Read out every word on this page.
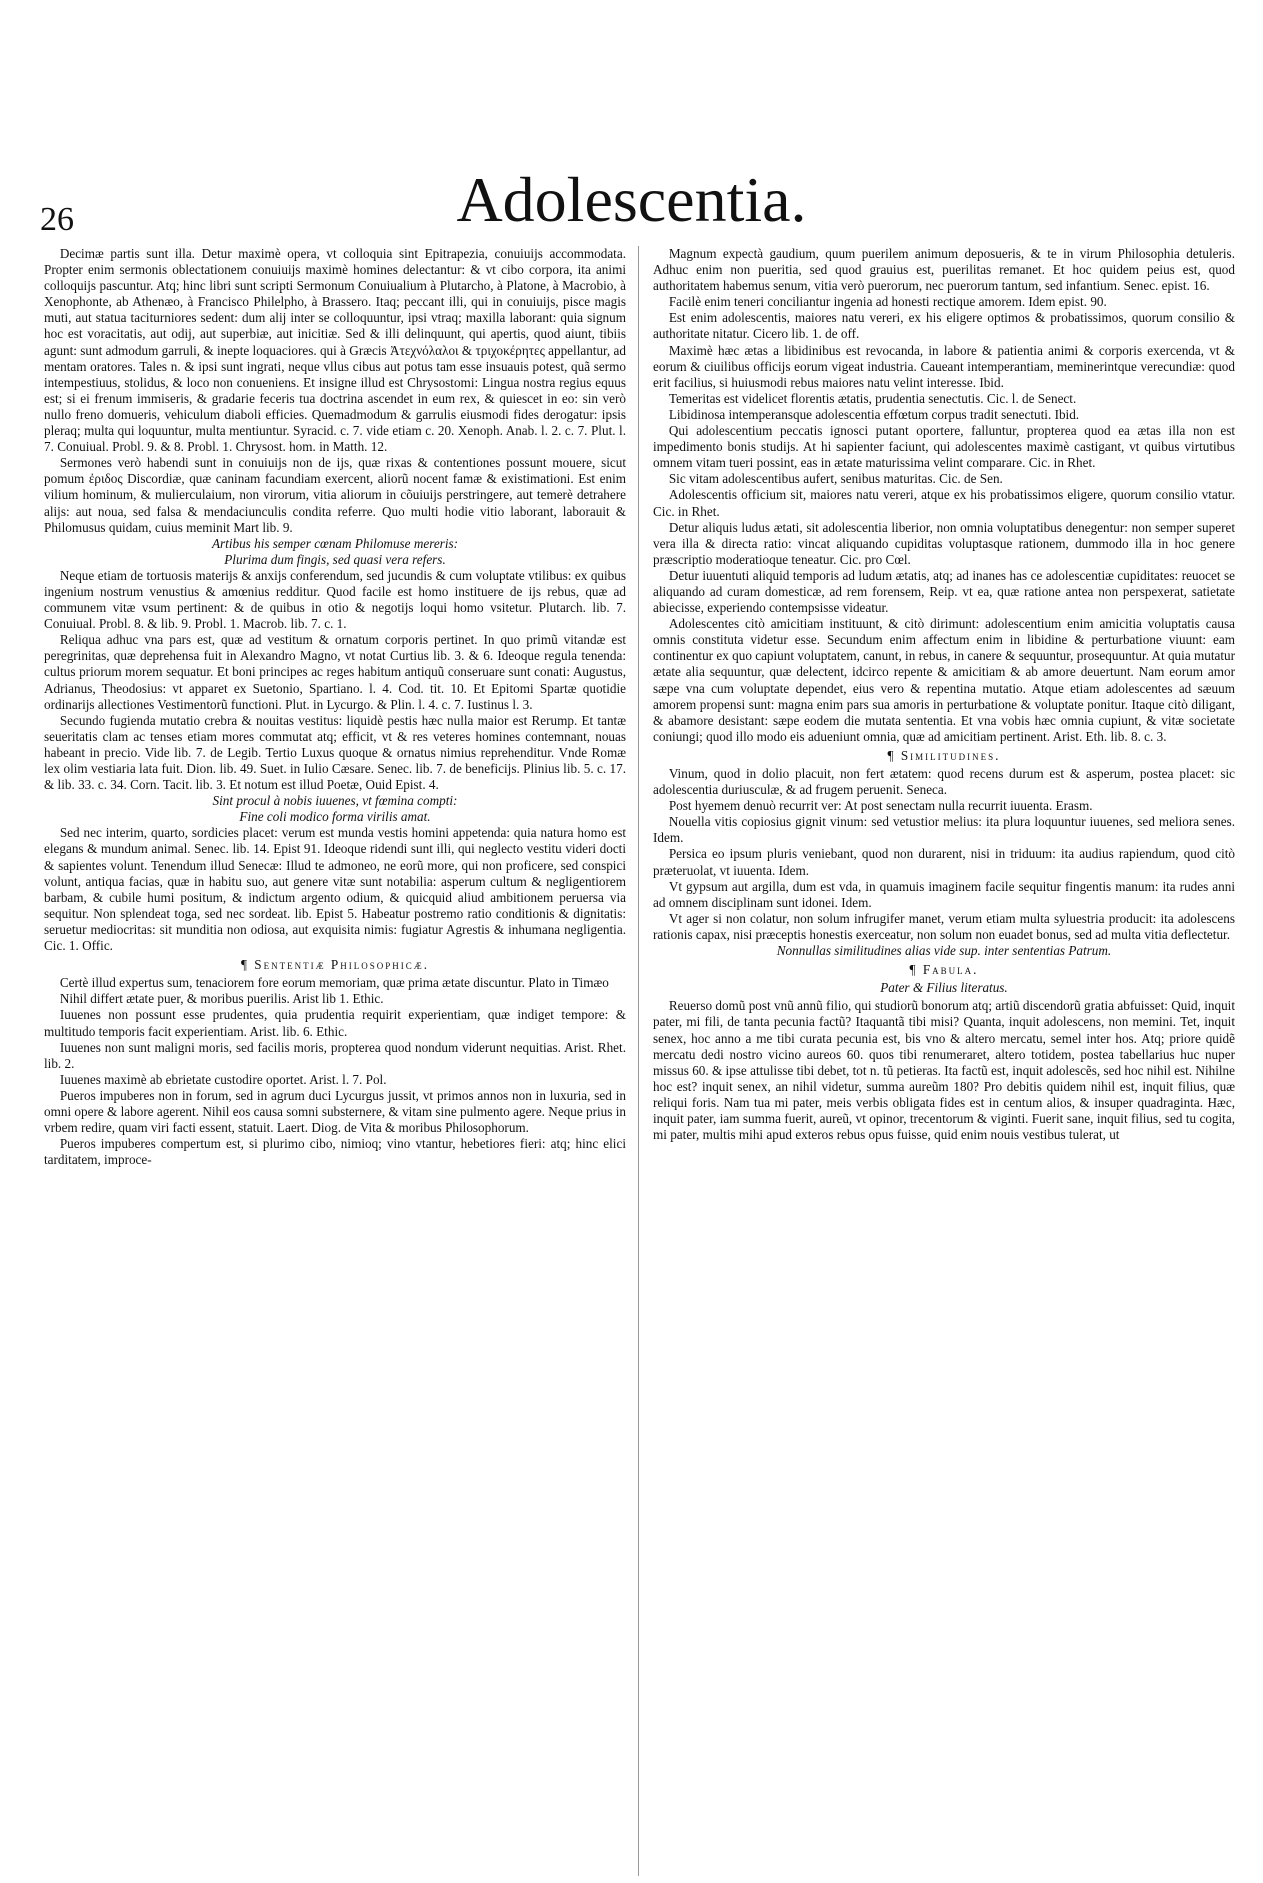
26	Adolescentia.

Decimæ partis sunt illa. Detur maximè opera, vt colloquia sint Epitrapezia, conuiuijs accommodata. Propter enim sermonis oblectationem conuiuijs maximè homines delectantur: & vt cibo corpora, ita animi colloquijs pascuntur. Atq; hinc libri sunt scripti Sermonum Conuiualium à Plutarcho, à Platone, à Macrobio, à Xenophonte, ab Athenæo, à Francisco Philelpho, à Brassero. Itaq; peccant illi, qui in conuiuijs, pisce magis muti, aut statua taciturniores sedent: dum alij inter se colloquuntur, ipsi vtraq; maxilla laborant: quia signum hoc est voracitatis, aut odij, aut superbiæ, aut inicitiæ. Sed & illi delinquunt, qui apertis, quod aiunt, tibiis agunt: sunt admodum garruli, & inepte loquaciores. qui à Græcis Ἀτεχνόλαλοι & τριχοκέρητες appellantur, ad mentam oratores. Tales n. & ipsi sunt ingrati, neque vllus cibus aut potus tam esse insuauis potest, quã sermo intempestiuus, stolidus, & loco non conueniens. Et insigne illud est Chrysostomi: Lingua nostra regius equus est; si ei frenum immiseris, & gradarie feceris tua doctrina ascendet in eum rex, & quiescet in eo: sin verò nullo freno domueris, vehiculum diaboli efficies. Quemadmodum & garrulis eiusmodi fides derogatur: ipsis pleraq; multa qui loquuntur, multa mentiuntur. Syracid. c. 7. vide etiam c. 20. Xenoph. Anab. l. 2. c. 7. Plut. l. 7. Conuiual. Probl. 9. & 8. Probl. 1. Chrysost. hom. in Matth. 12.

Sermones verò habendi sunt in conuiuijs non de ijs, quæ rixas & contentiones possunt mouere, sicut pomum ἐριδος Discordiæ, quæ caninam facundiam exercent, aliorũ nocent famæ & existimationi. Est enim vilium hominum, & mulierculaium, non virorum, vitia aliorum in cõuiuijs perstringere, aut temerè detrahere alijs: aut noua, sed falsa & mendaciunculis condita referre. Quo multi hodie vitio laborant, laborauit & Philomusus quidam, cuius meminit Mart lib. 9.

Artibus his semper cœnam Philomuse mereris:

Plurima dum fingis, sed quasi vera refers.

Neque etiam de tortuosis materijs & anxijs conferendum, sed jucundis & cum voluptate vtilibus: ex quibus ingenium nostrum venustius & amœnius redditur. Quod facile est homo instituere de ijs rebus, quæ ad communem vitæ vsum pertinent: & de quibus in otio & negotijs loqui homo vsitetur. Plutarch. lib. 7. Conuiual. Probl. 8. & lib. 9. Probl. 1. Macrob. lib. 7. c. 1.

Reliqua adhuc vna pars est, quæ ad vestitum & ornatum corporis pertinet. In quo primũ vitandæ est peregrinitas, quæ deprehensa fuit in Alexandro Magno, vt notat Curtius lib. 3. & 6. Ideoque regula tenenda: cultus priorum morem sequatur. Et boni principes ac reges habitum antiquũ conseruare sunt conati: Augustus, Adrianus, Theodosius: vt apparet ex Suetonio, Spartiano. l. 4. Cod. tit. 10. Et Epitomi Spartæ quotidie ordinarijs allectiones Vestimentorũ functioni. Plut. in Lycurgo. & Plin. l. 4. c. 7. Iustinus l. 3.

Secundo fugienda mutatio crebra & nouitas vestitus: liquidè pestis hæc nulla maior est Rerump. Et tantæ seueritatis clam ac tenses etiam mores commutat atq; efficit, vt & res veteres homines contemnant, nouas habeant in precio. Vide lib. 7. de Legib. Tertio Luxus quoque & ornatus nimius reprehenditur. Vnde Romæ lex olim vestiaria lata fuit. Dion. lib. 49. Suet. in Iulio Cæsare. Senec. lib. 7. de beneficijs. Plinius lib. 5. c. 17. & lib. 33. c. 34. Corn. Tacit. lib. 3. Et notum est illud Poetæ, Ouid Epist. 4.

Sint procul à nobis iuuenes, vt fœmina compti:

Fine coli modico forma virilis amat.

Sed nec interim, quarto, sordicies placet: verum est munda vestis homini appetenda: quia natura homo est elegans & mundum animal. Senec. lib. 14. Epist 91. Ideoque ridendi sunt illi, qui neglecto vestitu videri docti & sapientes volunt. Tenendum illud Senecæ: Illud te admoneo, ne eorũ more, qui non proficere, sed conspici volunt, antiqua facias, quæ in habitu suo, aut genere vitæ sunt notabilia: asperum cultum & negligentiorem barbam, & cubile humi positum, & indictum argento odium, & quicquid aliud ambitionem peruersa via sequitur. Non splendeat toga, sed nec sordeat. lib. Epist 5. Habeatur postremo ratio conditionis & dignitatis: seruetur mediocritas: sit munditia non odiosa, aut exquisita nimis: fugiatur Agrestis & inhumana negligentia. Cic. 1. Offic.

¶ Sententiæ Philosophicæ.

Certè illud expertus sum, tenaciorem fore eorum memoriam, quæ prima ætate discuntur. Plato in Timæo

Nihil differt ætate puer, & moribus puerilis. Arist lib 1. Ethic.

Iuuenes non possunt esse prudentes, quia prudentia requirit experientiam, quæ indiget tempore: & multitudo temporis facit experientiam. Arist. lib. 6. Ethic.

Iuuenes non sunt maligni moris, sed facilis moris, propterea quod nondum viderunt nequitias. Arist. Rhet. lib. 2.

Iuuenes maximè ab ebrietate custodire oportet. Arist. l. 7. Pol.

Pueros impuberes non in forum, sed in agrum duci Lycurgus jussit, vt primos annos non in luxuria, sed in omni opere & labore agerent. Nihil eos causa somni substernere, & vitam sine pulmento agere. Neque prius in vrbem redire, quam viri facti essent, statuit. Laert. Diog. de Vita & moribus Philosophorum.

Pueros impuberes compertum est, si plurimo cibo, nimioq; vino vtantur, hebetiores fieri: atq; hinc elici tarditatem, improce-

Magnum expectà gaudium, quum puerilem animum deposueris, & te in virum Philosophia detuleris. Adhuc enim non pueritia, sed quod grauius est, puerilitas remanet. Et hoc quidem peius est, quod authoritatem habemus senum, vitia verò puerorum, nec puerorum tantum, sed infantium. Senec. epist. 16.

Facilè enim teneri conciliantur ingenia ad honesti rectique amorem. Idem epist. 90.

Est enim adolescentis, maiores natu vereri, ex his eligere optimos & probatissimos, quorum consilio & authoritate nitatur. Cicero lib. 1. de off.

Maximè hæc ætas a libidinibus est revocanda, in labore & patientia animi & corporis exercenda, vt & eorum & ciuilibus officijs eorum vigeat industria. Caueant intemperantiam, meminerintque verecundiæ: quod erit facilius, si huiusmodi rebus maiores natu velint interesse. Ibid.

Temeritas est videlicet florentis ætatis, prudentia senectutis. Cic. l. de Senect.

Libidinosa intemperansque adolescentia effœtum corpus tradit senectuti. Ibid.

Qui adolescentium peccatis ignosci putant oportere, falluntur, propterea quod ea ætas illa non est impedimento bonis studijs. At hi sapienter faciunt, qui adolescentes maximè castigant, vt quibus virtutibus omnem vitam tueri possint, eas in ætate maturissima velint comparare. Cic. in Rhet.

Sic vitam adolescentibus aufert, senibus maturitas. Cic. de Sen.

Adolescentis officium sit, maiores natu vereri, atque ex his probatissimos eligere, quorum consilio vtatur. Cic. in Rhet.

Detur aliquis ludus ætati, sit adolescentia liberior, non omnia voluptatibus denegentur: non semper superet vera illa & directa ratio: vincat aliquando cupiditas voluptasque rationem, dummodo illa in hoc genere præscriptio moderatioque teneatur. Cic. pro Cœl.

Detur iuuentuti aliquid temporis ad ludum ætatis, atq; ad inanes has ce adolescentiæ cupiditates: reuocet se aliquando ad curam domesticæ, ad rem forensem, Reip. vt ea, quæ ratione antea non perspexerat, satietate abiecisse, experiendo contempsisse videatur.

Adolescentes citò amicitiam instituunt, & citò dirimunt: adolescentium enim amicitia voluptatis causa omnis constituta videtur esse. Secundum enim affectum enim in libidine & perturbatione viuunt: eam continentur ex quo capiunt voluptatem, canunt, in rebus, in canere & sequuntur, prosequuntur. At quia mutatur ætate alia sequuntur, quæ delectent, idcirco repente & amicitiam & ab amore deuertunt. Nam eorum amor sæpe vna cum voluptate dependet, eius vero & repentina mutatio. Atque etiam adolescentes ad sæuum amorem propensi sunt: magna enim pars sua amoris in perturbatione & voluptate ponitur. Itaque citò diligant, & abamore desistant: sæpe eodem die mutata sententia. Et vna vobis hæc omnia cupiunt, & vitæ societate coniungi; quod illo modo eis adueniunt omnia, quæ ad amicitiam pertinent. Arist. Eth. lib. 8. c. 3.

¶ Similitudines.

Vinum, quod in dolio placuit, non fert ætatem: quod recens durum est & asperum, postea placet: sic adolescentia duriusculæ, & ad frugem peruenit. Seneca.

Post hyemem denuò recurrit ver: At post senectam nulla recurrit iuuenta. Erasm.

Nouella vitis copiosius gignit vinum: sed vetustior melius: ita plura loquuntur iuuenes, sed meliora senes. Idem.

Persica eo ipsum pluris veniebant, quod non durarent, nisi in triduum: ita audius rapiendum, quod citò præteruolat, vt iuuenta. Idem.

Vt gypsum aut argilla, dum est vda, in quamuis imaginem facile sequitur fingentis manum: ita rudes anni ad omnem disciplinam sunt idonei. Idem.

Vt ager si non colatur, non solum infrugifer manet, verum etiam multa syluestria producit: ita adolescens rationis capax, nisi præceptis honestis exerceatur, non solum non euadet bonus, sed ad multa vitia deflectetur.

Nonnullas similitudines alias vide sup. inter sententias Patrum.

¶ Fabula.

Pater & Filius literatus.

Reuerso domũ post vnũ annũ filio, qui studiorũ bonorum atq; artiũ discendorũ gratia abfuisset: Quid, inquit pater, mi fili, de tanta pecunia factũ? Itaquantã tibi misi? Quanta, inquit adolescens, non memini. Tet, inquit senex, hoc anno a me tibi curata pecunia est, bis vno & altero mercatu, semel inter hos. Atq; priore quidẽ mercatu dedi nostro vicino aureos 60. quos tibi renumeraret, altero totidem, postea tabellarius huc nuper missus 60. & ipse attulisse tibi debet, tot n. tũ petieras. Ita factũ est, inquit adolescẽs, sed hoc nihil est. Nihilne hoc est? inquit senex, an nihil videtur, summa aureũm 180? Pro debitis quidem nihil est, inquit filius, quæ reliqui foris. Nam tua mi pater, meis verbis obligata fides est in centum alios, & insuper quadraginta. Hæc, inquit pater, iam summa fuerit, aureũ, vt opinor, trecentorum & viginti. Fuerit sane, inquit filius, sed tu cogita, mi pater, multis mihi apud exteros rebus opus fuisse, quid enim nouis vestibus tulerat, ut
